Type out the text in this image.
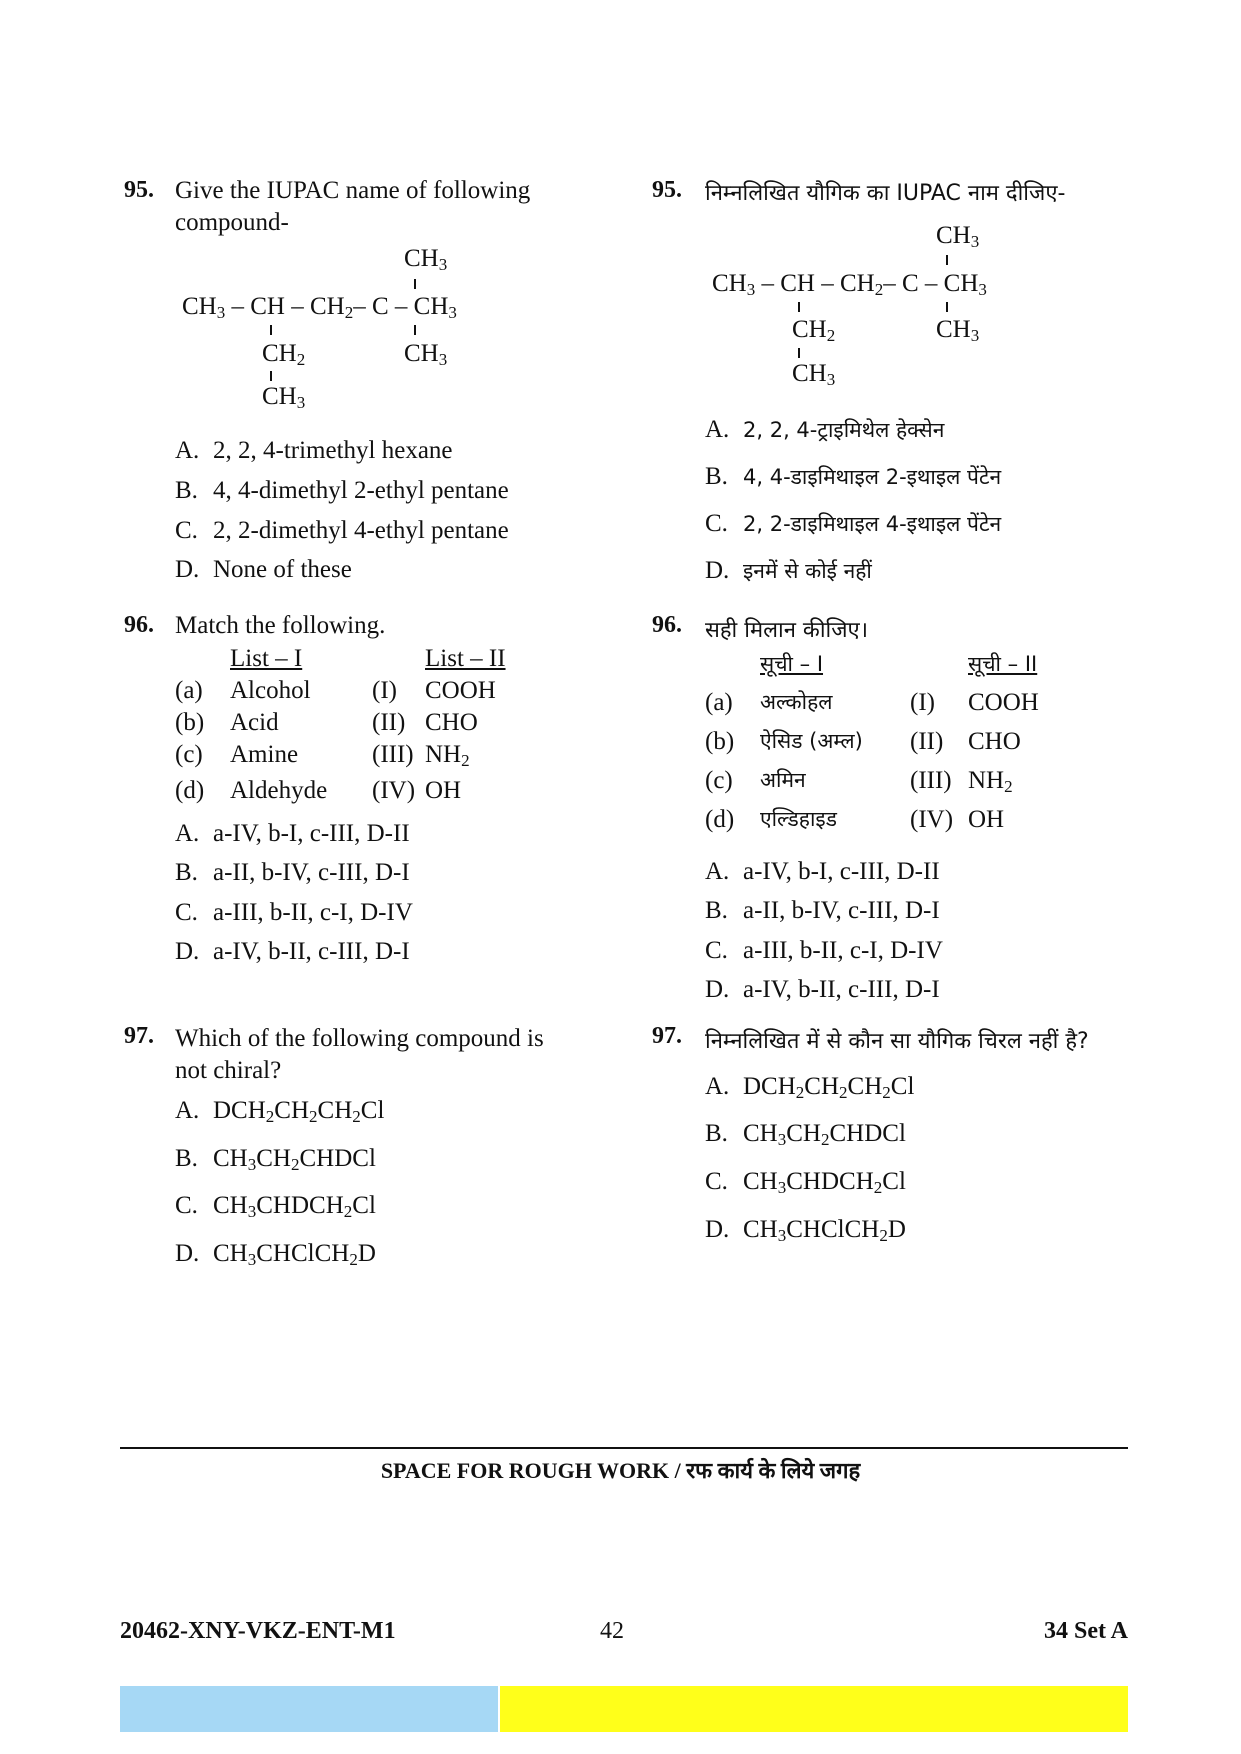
95. Give the IUPAC name of following
compound-
$CH_3$
$CH_3$ – CH – $CH_2-$ C – $CH_3$
$CH_2$	$CH_3$
$CH_3$
A. 2, 2, 4-trimethyl hexane
B. 4, 4-dimethyl 2-ethyl pentane
C. 2, 2-dimethyl 4-ethyl pentane
D. None of these
96. Match the following.
List – I	List – II
(a) Alcohol (I) COOH
(b) Acid	(II) CHO
(c) Amine	(III) $NH_2$
(d) Aldehyde (IV) OH
A. a-IV, b-I, c-III, D-II
B. a-II, b-IV, c-III, D-I
C. a-III, b-II, c-I, D-IV
D. a-IV, b-II, c-III, D-I
97. Which of the following compound is
not chiral?
A. $DCH_2CH_2CH_2Cl$
B. $CH_3CH_2CHDCl$
C. $CH_3CHDCH_2Cl$
D. $CH_3CHClCH_2D$
95. निम्नलिखित यौगिक का IUPAC नाम दीजिए-
$CH_3$
$CH_3$ – CH – $CH_2-$ C – $CH_3$
$CH_2$	$CH_3$
$CH_3$
A. 2, 2, 4-ट्राइमिथेल हेक्सेन
B. 4, 4-डाइमिथाइल 2-इथाइल पेंटेन
C. 2, 2-डाइमिथाइल 4-इथाइल पेंटेन
D. इनमें से कोई नहीं
96. सही मिलान कीजिए।
सूची – I	सूची – II
(a) अल्कोहल	(I) COOH
(b) ऐसिड (अम्ल) (II) CHO
(c) अमिन	(III) $NH_2$
(d) एल्डिहाइड	(IV) OH
A. a-IV, b-I, c-III, D-II
B. a-II, b-IV, c-III, D-I
C. a-III, b-II, c-I, D-IV
D. a-IV, b-II, c-III, D-I
97. निम्नलिखित में से कौन सा यौगिक चिरल नहीं है?
A. $DCH_2CH_2CH_2Cl$
B. $CH_3CH_2CHDCl$
C. $CH_3CHDCH_2Cl$
D. $CH_3CHClCH_2D$
SPACE FOR ROUGH WORK / रफ कार्य के लिये जगह
20462-XNY-VKZ-ENT-M1	42	34 Set A
